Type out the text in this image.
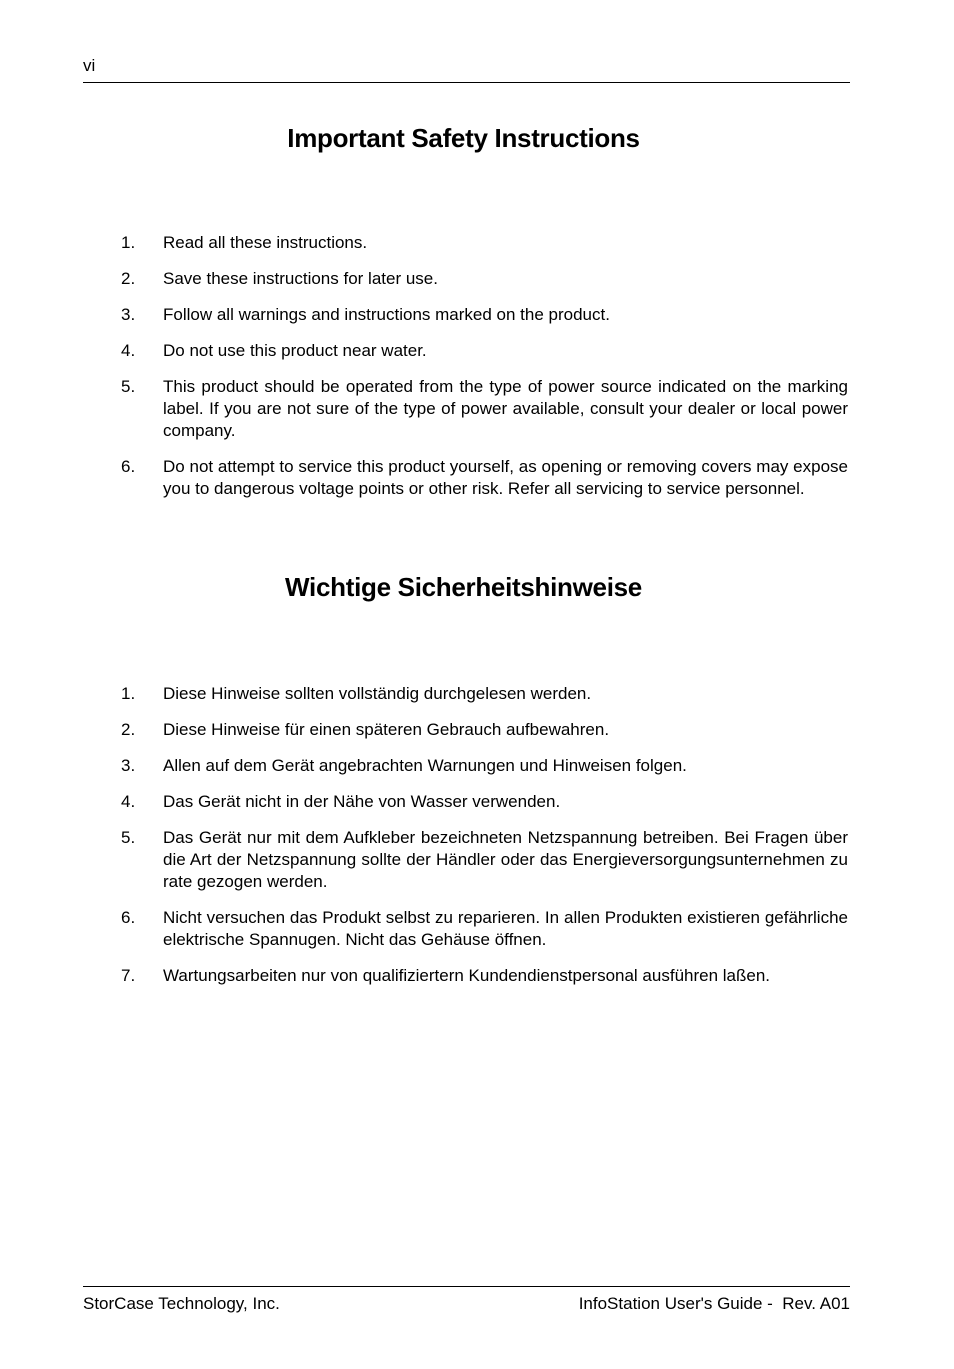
vi
Important Safety Instructions
1. Read all these instructions.
2. Save these instructions for later use.
3. Follow all warnings and instructions marked on the product.
4. Do not use this product near water.
5. This product should be operated from the type of power source indicated on the marking label. If you are not sure of the type of power available, consult your dealer or local power company.
6. Do not attempt to service this product yourself, as opening or removing covers may expose you to dangerous voltage points or other risk. Refer all servicing to service personnel.
Wichtige Sicherheitshinweise
1. Diese Hinweise sollten vollständig durchgelesen werden.
2. Diese Hinweise für einen späteren Gebrauch aufbewahren.
3. Allen auf dem Gerät angebrachten Warnungen und Hinweisen folgen.
4. Das Gerät nicht in der Nähe von Wasser verwenden.
5. Das Gerät nur mit dem Aufkleber bezeichneten Netzspannung betreiben. Bei Fragen über die Art der Netzspannung sollte der Händler oder das Energieversorgungsunternehmen zu rate gezogen werden.
6. Nicht versuchen das Produkt selbst zu reparieren. In allen Produkten existieren gefährliche elektrische Spannugen. Nicht das Gehäuse öffnen.
7. Wartungsarbeiten nur von qualifiziertern Kundendienstpersonal ausführen laßen.
StorCase Technology, Inc.	InfoStation User's Guide -  Rev. A01
